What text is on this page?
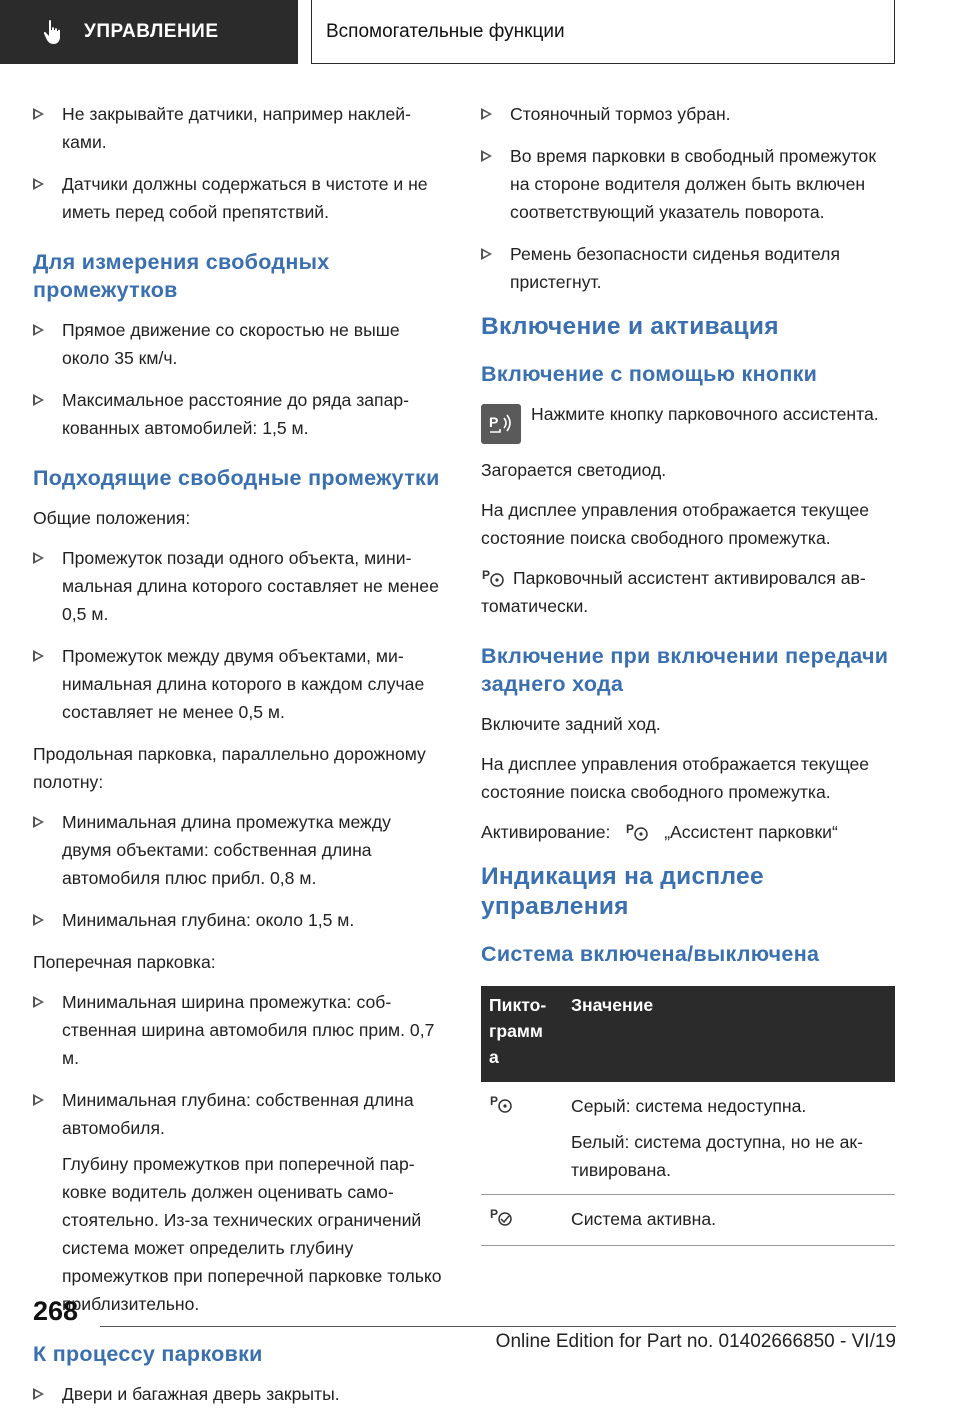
УПРАВЛЕНИЕ	Вспомогательные функции
Не закрывайте датчики, например наклейками.
Датчики должны содержаться в чистоте и не иметь перед собой препятствий.
Для измерения свободных промежутков
Прямое движение со скоростью не выше около 35 км/ч.
Максимальное расстояние до ряда запаркованных автомобилей: 1,5 м.
Подходящие свободные промежутки

Общие положения:

Промежуток позади одного объекта, минимальная длина которого составляет не менее 0,5 м.
Промежуток между двумя объектами, минимальная длина которого в каждом случае составляет не менее 0,5 м.

Продольная парковка, параллельно дорожному полотну:

Минимальная длина промежутка между двумя объектами: собственная длина автомобиля плюс прибл. 0,8 м.
Минимальная глубина: около 1,5 м.

Поперечная парковка:

Минимальная ширина промежутка: собственная ширина автомобиля плюс прим. 0,7 м.
Минимальная глубина: собственная длина автомобиля.
Глубину промежутков при поперечной парковке водитель должен оценивать самостоятельно. Из-за технических ограничений система может определить глубину промежутков при поперечной парковке только приблизительно.
К процессу парковки
Двери и багажная дверь закрыты.
Стояночный тормоз убран.
Во время парковки в свободный промежуток на стороне водителя должен быть включен соответствующий указатель поворота.
Ремень безопасности сиденья водителя пристегнут.
Включение и активация
Включение с помощью кнопки
P Нажмите кнопку парковочного ассистента.

Загорается светодиод.

На дисплее управления отображается текущее состояние поиска свободного промежутка.

P Парковочный ассистент активировался автоматически.

Включение при включении передачи заднего хода

Включите задний ход.

На дисплее управления отображается текущее состояние поиска свободного промежутка.

Активирование: P „Ассистент парковки“

Индикация на дисплее управления
Система включена/выключена
Пиктограмм а	Значение

P	Серый: система недоступна.

Белый: система доступна, но не активирована.

P	Система активна.
268
Online Edition for Part no. 01402666850 - VI/19
